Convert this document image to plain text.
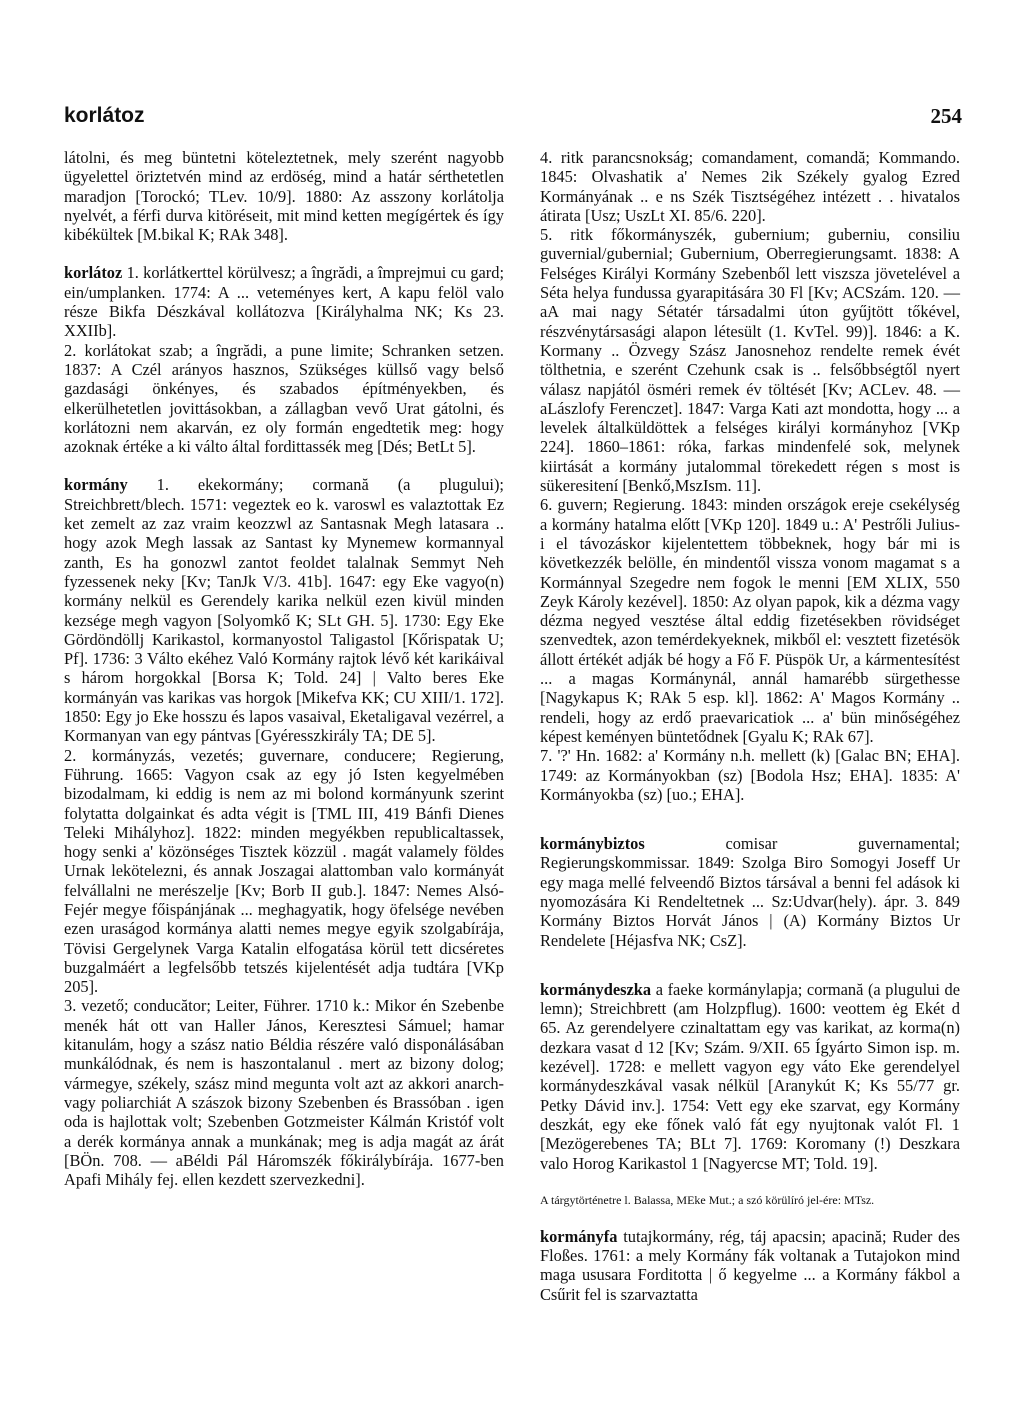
korlátoz	254

látolni, és meg büntetni köteleztetnek, mely szerént nagyobb ügyelettel öriztetvén mind az erdöség, mind a határ sérthetetlen maradjon [Torockó; TLev. 10/9]. 1880: Az asszony korlátolja nyelvét, a férfi durva kitöréseit, mit mind ketten megígértek és így kibékültek [M.bikal K; RAk 348].

korlátoz 1. korlátkerttel körülvesz; a îngrădi, a împrejmui cu gard; ein/umplanken. 1774: A ... veteményes kert, A kapu felöl valo része Bikfa Dészkával kollátozva [Királyhalma NK; Ks 23. XXIIb].

2. korlátokat szab; a îngrădi, a pune limite; Schranken setzen. 1837: A Czél arányos hasznos, Szükséges küllső vagy belső gazdasági önkényes, és szabados építményekben, és elkerülhetetlen jovittásokban, a zállagban vevő Urat gátolni, és korlátozni nem akarván, ez oly formán engedtetik meg: hogy azoknak értéke a ki válto által fordittassék meg [Dés; BetLt 5].

kormány 1. ekekormány; cormană (a plugului); Streichbrett/blech. 1571: vegeztek eo k. varoswl es valaztottak Ez ket zemelt az zaz vraim keozzwl az Santasnak Megh latasara .. hogy azok Megh lassak az Santast ky Mynemew kormannyal zanth, Es ha gonozwl zantot feoldet talalnak Semmyt Neh fyzessenek neky [Kv; TanJk V/3. 41b]. 1647: egy Eke vagyo(n) kormány nelkül es Gerendely karika nelkül ezen kivül minden kezsége megh vagyon [Solyomkő K; SLt GH. 5]. 1730: Egy Eke Gördöndöllj Karikastol, kormanyostol Taligastol [Kőrispatak U; Pf]. 1736: 3 Válto ekéhez Való Kormány rajtok lévő két karikáival s három horgokkal [Borsa K; Told. 24] | Valto beres Eke kormányán vas karikas vas horgok [Mikefva KK; CU XIII/1. 172]. 1850: Egy jo Eke hosszu és lapos vasaival, Eketaligaval vezérrel, a Kormanyan van egy pántvas [Gyéresszkirály TA; DE 5].

2. kormányzás, vezetés; guvernare, conducere; Regierung, Führung. 1665: Vagyon csak az egy jó Isten kegyelmében bizodalmam, ki eddig is nem az mi bolond kormányunk szerint folytatta dolgainkat és adta végit is [TML III, 419 Bánfi Dienes Teleki Mihályhoz]. 1822: minden megyékben republicaltassek, hogy senki a' közönséges Tisztek közzül . magát valamely földes Urnak lekötelezni, és annak Joszagai alattomban valo kormányát felvállalni ne merészelje [Kv; Borb II gub.]. 1847: Nemes Alsó-Fejér megye főispánjának ... meghagyatik, hogy öfelsége nevében ezen uraságod kormánya alatti nemes megye egyik szolgabírája, Tövisi Gergelynek Varga Katalin elfogatása körül tett dicséretes buzgalmáért a legfelsőbb tetszés kijelentését adja tudtára [VKp 205].

3. vezető; conducător; Leiter, Führer. 1710 k.: Mikor én Szebenbe menék hát ott van Haller János, Keresztesi Sámuel; hamar kitanulám, hogy a szász natio Béldia részére való disponálásában munkálódnak, és nem is haszontalanul . mert az bizony dolog; vármegye, székely, szász mind megunta volt azt az akkori anarch- vagy poliarchiát A szászok bizony Szebenben és Brassóban . igen oda is hajlottak volt; Szebenben Gotzmeister Kálmán Kristóf volt a derék kormánya annak a munkának; meg is adja magát az árát [BÖn. 708. — aBéldi Pál Háromszék főkirálybírája. 1677-ben Apafi Mihály fej. ellen kezdett szervezkedni].

4. ritk parancsnokság; comandament, comandă; Kommando. 1845: Olvashatik a' Nemes 2ik Székely gyalog Ezred Kormányának .. e ns Szék Tisztségéhez intézett . . hivatalos átirata [Usz; UszLt XI. 85/6. 220].

5. ritk főkormányszék, gubernium; guberniu, consiliu guvernial/gubernial; Gubernium, Oberregierungsamt. 1838: A Felséges Királyi Kormány Szebenből lett viszsza jövetelével a Séta helya fundussa gyarapitására 30 Fl [Kv; ACSzám. 120. — aA mai nagy Sétatér társadalmi úton gyűjtött tőkével, részvénytársasági alapon létesült (1. KvTel. 99)]. 1846: a K. Kormany .. Özvegy Szász Janosnehoz rendelte remek évét tölthetnia, e szerént Czehunk csak is .. felsőbbségtől nyert válasz napjától ösméri remek év töltését [Kv; ACLev. 48. — aLászlofy Ferenczet]. 1847: Varga Kati azt mondotta, hogy ... a levelek általküldöttek a felséges királyi kormányhoz [VKp 224]. 1860–1861: róka, farkas mindenfelé sok, melynek kiirtását a kormány jutalommal törekedett régen s most is sükeresitení [Benkő,MszIsm. 11].

6. guvern; Regierung. 1843: minden országok ereje csekélység a kormány hatalma előtt [VKp 120]. 1849 u.: A' Pestrőli Julius-i el távozáskor kijelentettem többeknek, hogy bár mi is következzék belölle, én mindentől vissza vonom magamat s a Kormánnyal Szegedre nem fogok le menni [EM XLIX, 550 Zeyk Károly kezével]. 1850: Az olyan papok, kik a dézma vagy dézma negyed vesztése által eddig fizetésekben rövidséget szenvedtek, azon temérdekyeknek, mikből el: vesztett fizetésök állott értékét adják bé hogy a Fő F. Püspök Ur, a kármentesítést ... a magas Kormánynál, annál hamarébb sürgethesse [Nagykapus K; RAk 5 esp. kl]. 1862: A' Magos Kormány .. rendeli, hogy az erdő praevaricatiok ... a' bün minőségéhez képest keményen büntetődnek [Gyalu K; RAk 67].

7. '?' Hn. 1682: a' Kormány n.h. mellett (k) [Galac BN; EHA]. 1749: az Kormányokban (sz) [Bodola Hsz; EHA]. 1835: A' Kormányokba (sz) [uo.; EHA].

kormánybiztos	comisar guvernamental; Regierungskommissar. 1849: Szolga Biro Somogyi Joseff Ur egy maga mellé felveendő Biztos társával a benni fel adások ki nyomozására Ki Rendeltetnek ... Sz:Udvar(hely). ápr. 3. 849 Kormány Biztos Horvát János | (A) Kormány Biztos Ur Rendelete [Héjasfva NK; CsZ].

kormánydeszka a faeke kormánylapja; cormană (a plugului de lemn); Streichbrett (am Holzpflug). 1600: veottem ėg Ekét d 65. Az gerendelyere czinaltattam egy vas karikat, az korma(n) dezkara vasat d 12 [Kv; Szám. 9/XII. 65 Ígyárto Simon isp. m. kezével]. 1728: e mellett vagyon egy váto Eke gerendelyel kormánydeszkával vasak nélkül [Aranykút K; Ks 55/77 gr. Petky Dávid inv.]. 1754: Vett egy eke szarvat, egy Kormány deszkát, egy eke főnek való fát egy nyujtonak valót Fl. 1 [Mezögerebenes TA; BLt 7]. 1769: Koromany (!) Deszkara valo Horog Karikastol 1 [Nagyercse MT; Told. 19].

A tárgytörténetre l. Balassa, MEke Mut.; a szó körülíró jel-ére: MTsz.

kormányfa tutajkormány, rég, táj apacsin; apacină; Ruder des Floßes. 1761: a mely Kormány fák voltanak a Tutajokon mind maga ususara Forditotta | ő kegyelme ... a Kormány fákbol a Csűrit fel is szarvaztatta
